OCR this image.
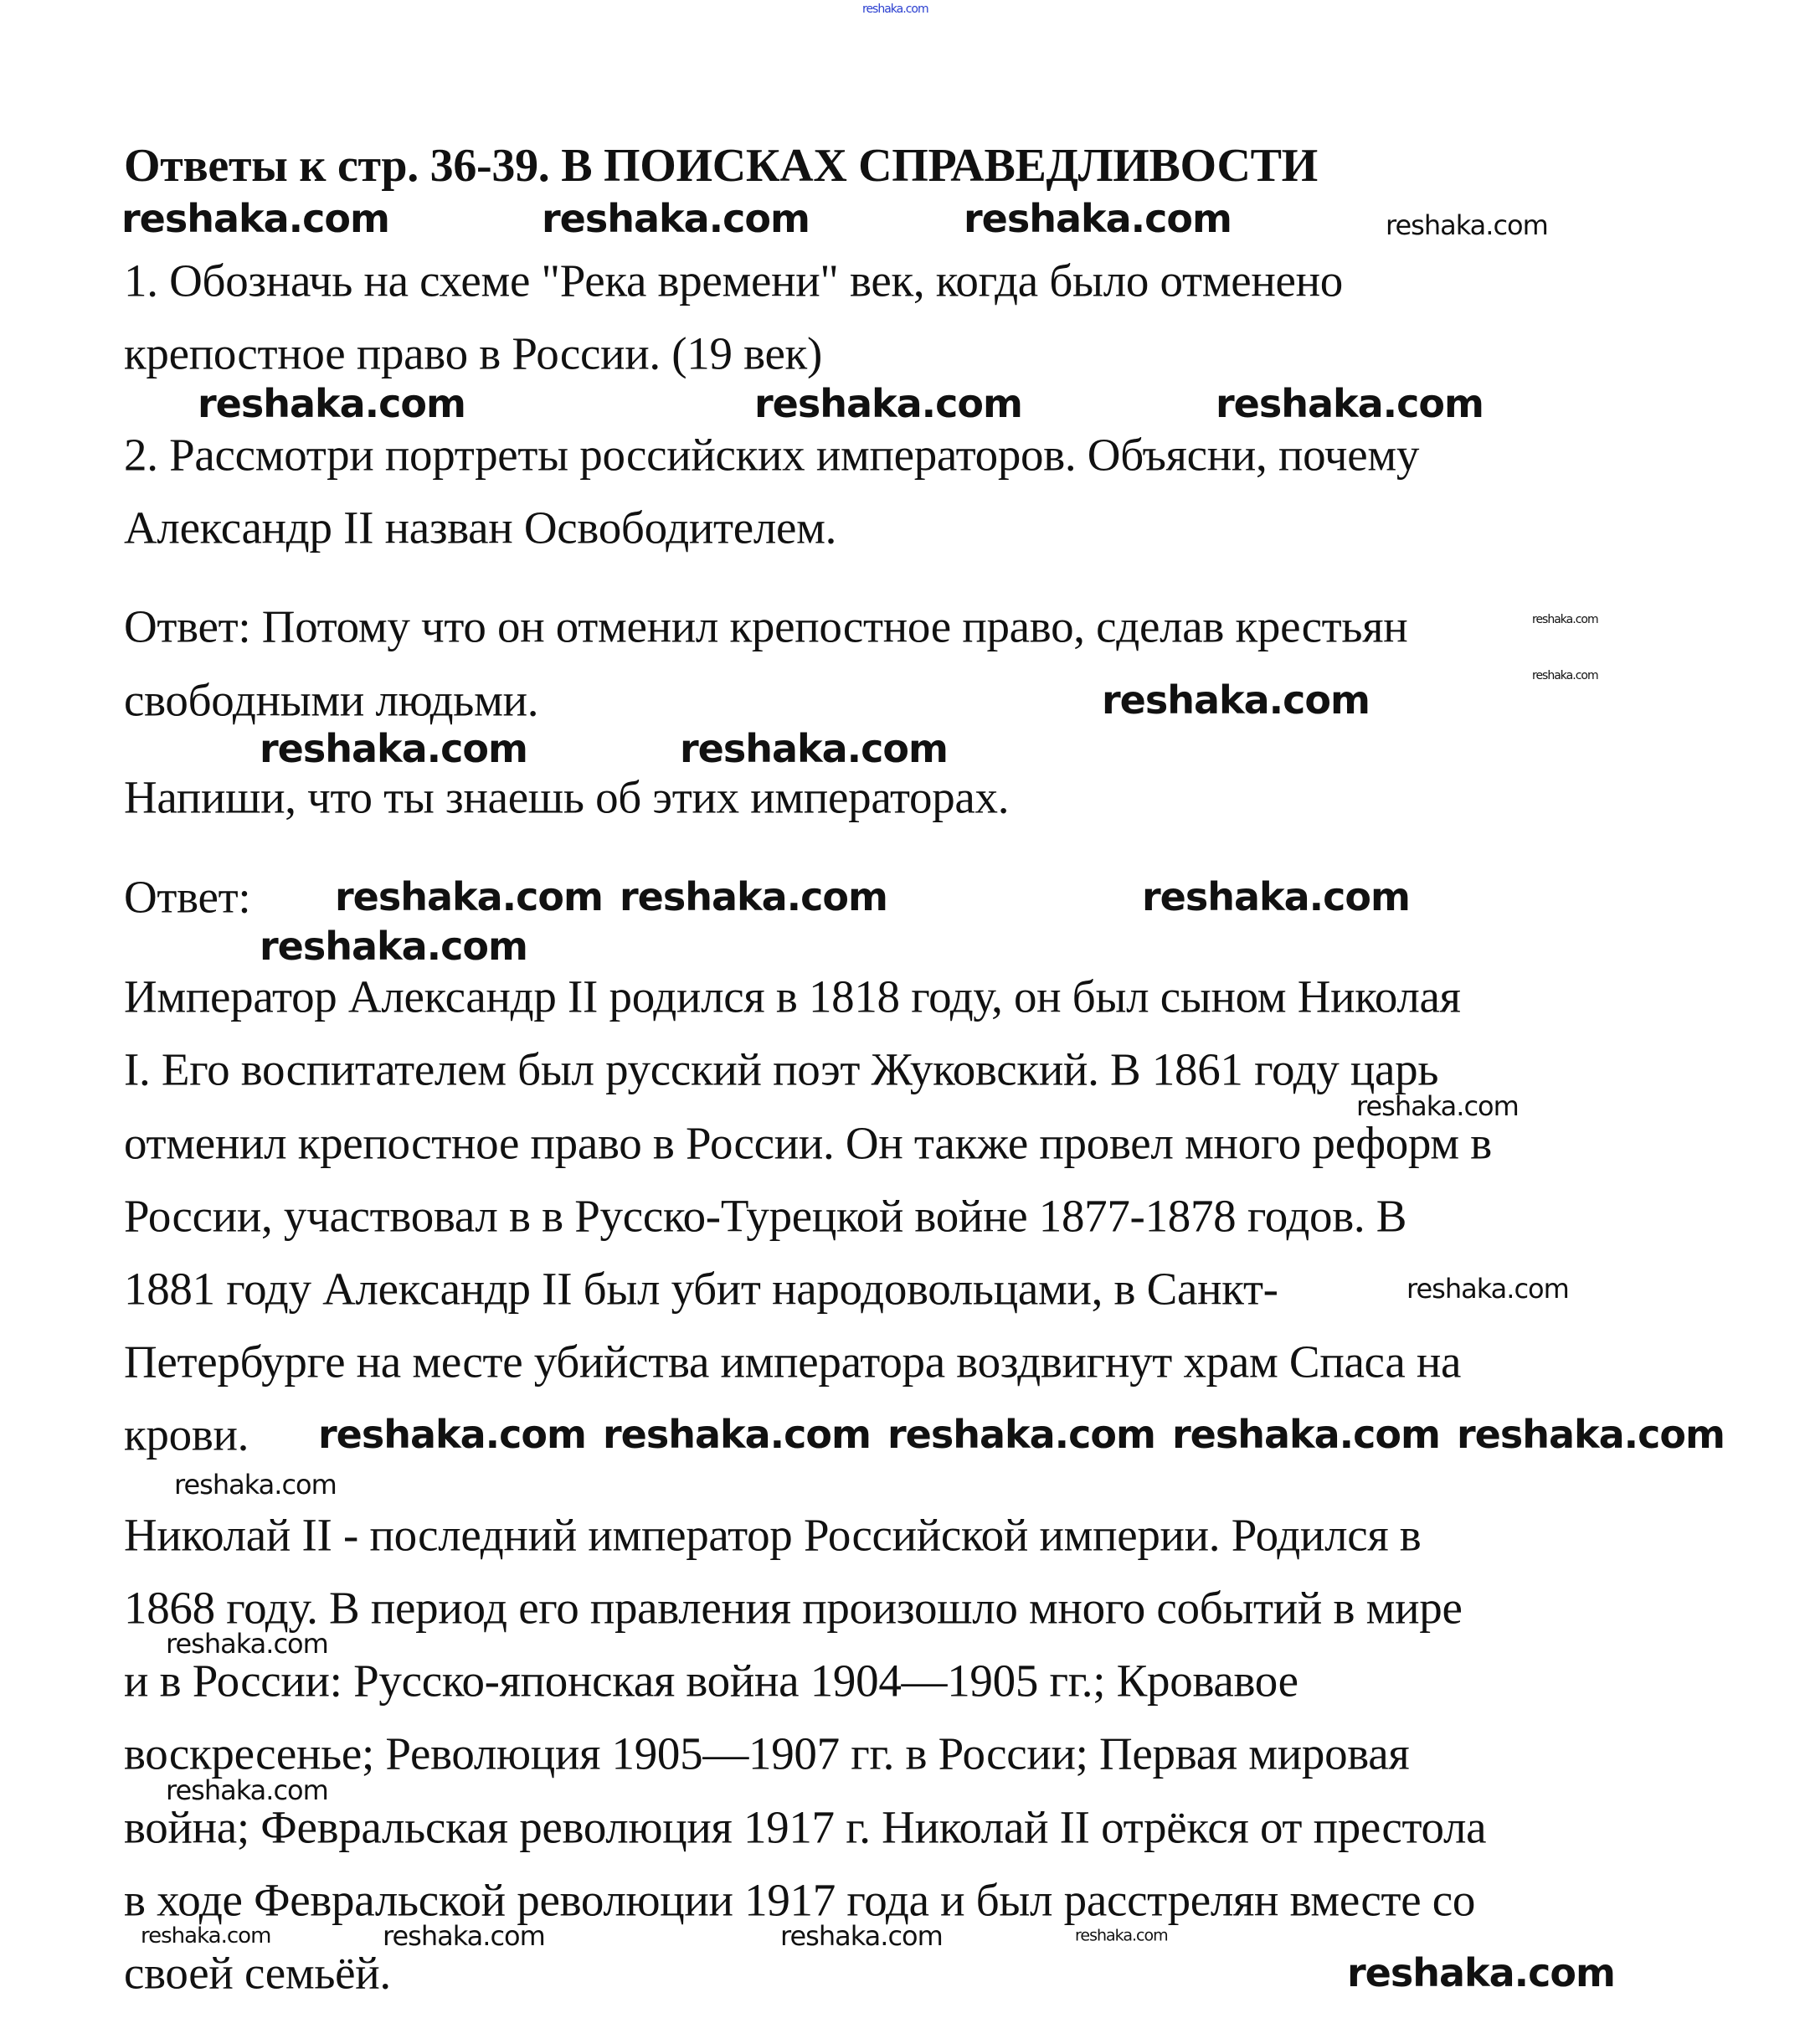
Ответы к стр. 36-39. В ПОИСКАХ СПРАВЕДЛИВОСТИ
1. Обозначь на схеме "Река времени" век, когда было отменено
крепостное право в России. (19 век)
2. Рассмотри портреты российских императоров. Объясни, почему
Александр II назван Освободителем.
Ответ: Потому что он отменил крепостное право, сделав крестьян
свободными людьми.
Напиши, что ты знаешь об этих императорах.
Ответ:
Император Александр II родился в 1818 году, он был сыном Николая
I. Его воспитателем был русский поэт Жуковский. В 1861 году царь
отменил крепостное право в России. Он также провел много реформ в
России, участвовал в в Русско-Турецкой войне 1877-1878 годов. В
1881 году Александр II был убит народовольцами, в Санкт-
Петербурге на месте убийства императора воздвигнут храм Спаса на
крови.
Николай II - последний император Российской империи. Родился в
1868 году. В период его правления произошло много событий в мире
и в России: Русско-японская война 1904—1905 гг.; Кровавое
воскресенье; Революция 1905—1907 гг. в России; Первая мировая
война; Февральская революция 1917 г. Николай II отрёкся от престола
в ходе Февральской революции 1917 года и был расстрелян вместе со
своей семьёй.
reshaka.com
reshaka.com	reshaka.com	reshaka.com	reshaka.com
reshaka.com	reshaka.com	reshaka.com
reshaka.com
reshaka.com
reshaka.com
reshaka.com	reshaka.com
reshaka.com
reshaka.com
reshaka.com
reshaka.com
reshaka.com
reshaka.com
reshaka.com	reshaka.com
reshaka.com
reshaka.com
reshaka.com reshaka.com
reshaka.com
reshaka.com
reshaka.com	reshaka.com	reshaka.com	reshaka.com
reshaka.com
